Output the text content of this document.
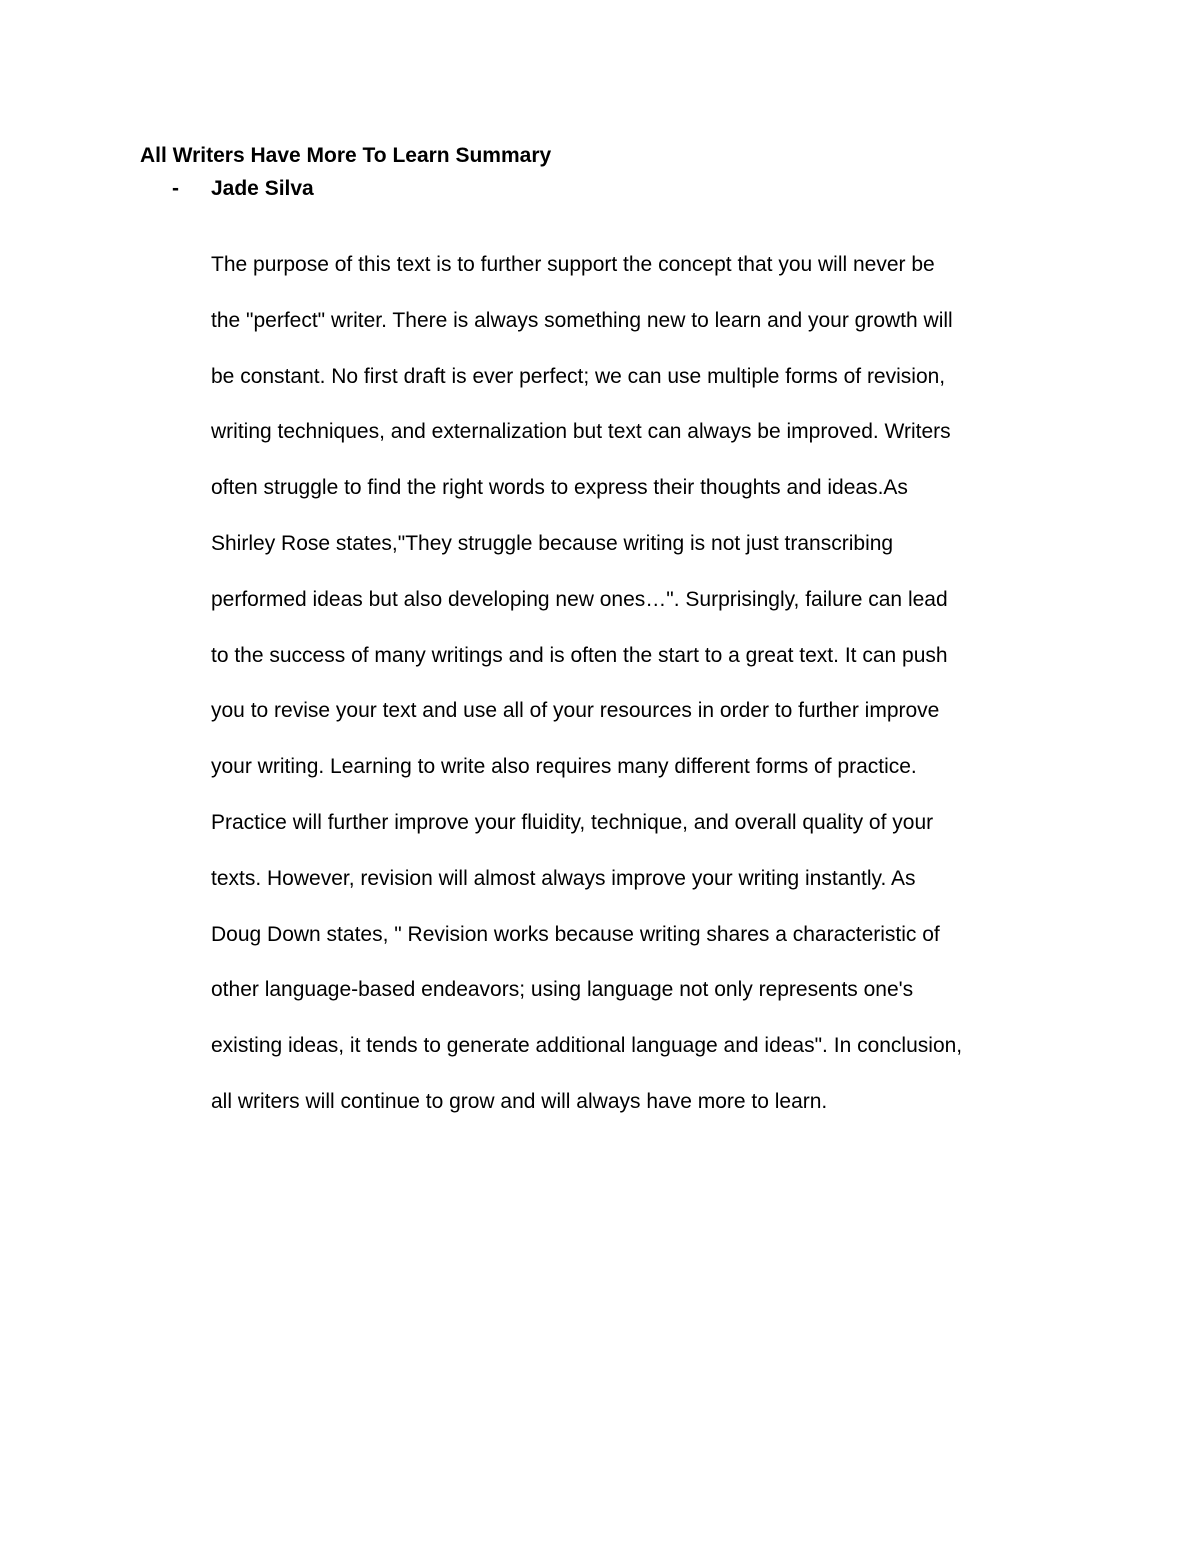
All Writers Have More To Learn Summary
- Jade Silva

The purpose of this text is to further support the concept that you will never be
the "perfect" writer. There is always something new to learn and your growth will
be constant. No first draft is ever perfect; we can use multiple forms of revision,
writing techniques, and externalization but text can always be improved. Writers
often struggle to find the right words to express their thoughts and ideas.As
Shirley Rose states,"They struggle because writing is not just transcribing
performed ideas but also developing new ones…". Surprisingly, failure can lead
to the success of many writings and is often the start to a great text. It can push
you to revise your text and use all of your resources in order to further improve
your writing. Learning to write also requires many different forms of practice.
Practice will further improve your fluidity, technique, and overall quality of your
texts. However, revision will almost always improve your writing instantly. As
Doug Down states, " Revision works because writing shares a characteristic of
other language-based endeavors; using language not only represents one's
existing ideas, it tends to generate additional language and ideas". In conclusion,
all writers will continue to grow and will always have more to learn.
